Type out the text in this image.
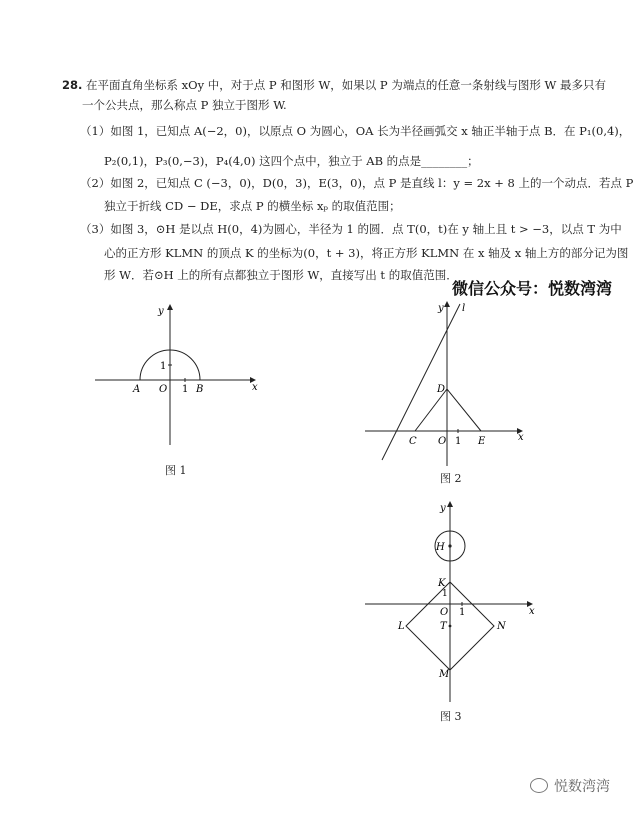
28. 在平面直角坐标系 xOy 中，对于点 P 和图形 W，如果以 P 为端点的任意一条射线与图形 W 最多只有
一个公共点，那么称点 P 独立于图形 W.
（1）如图 1，已知点 A(−2，0)，以原点 O 为圆心，OA 长为半径画弧交 x 轴正半轴于点 B．在 P₁(0,4)，
P₂(0,1)，P₃(0,−3)，P₄(4,0) 这四个点中，独立于 AB 的点是________；
（2）如图 2，已知点 C (−3，0)，D(0，3)，E(3，0)，点 P 是直线 l：y = 2x + 8 上的一个动点．若点 P
独立于折线 CD − DE，求点 P 的横坐标 xₚ 的取值范围；
（3）如图 3，⊙H 是以点 H(0，4)为圆心，半径为 1 的圆．点 T(0，t)在 y 轴上且 t > −3，以点 T 为中
心的正方形 KLMN 的顶点 K 的坐标为(0，t + 3)，将正方形 KLMN 在 x 轴及 x 轴上方的部分记为图
形 W．若⊙H 上的所有点都独立于图形 W，直接写出 t 的取值范围．
微信公众号：悦数湾湾
y
x
A O 1 B
1
图 1
y l
x
D
C O 1 E
图 2
y
H
K
1
O 1	x
L	T	N
M
图 3
悦数湾湾
